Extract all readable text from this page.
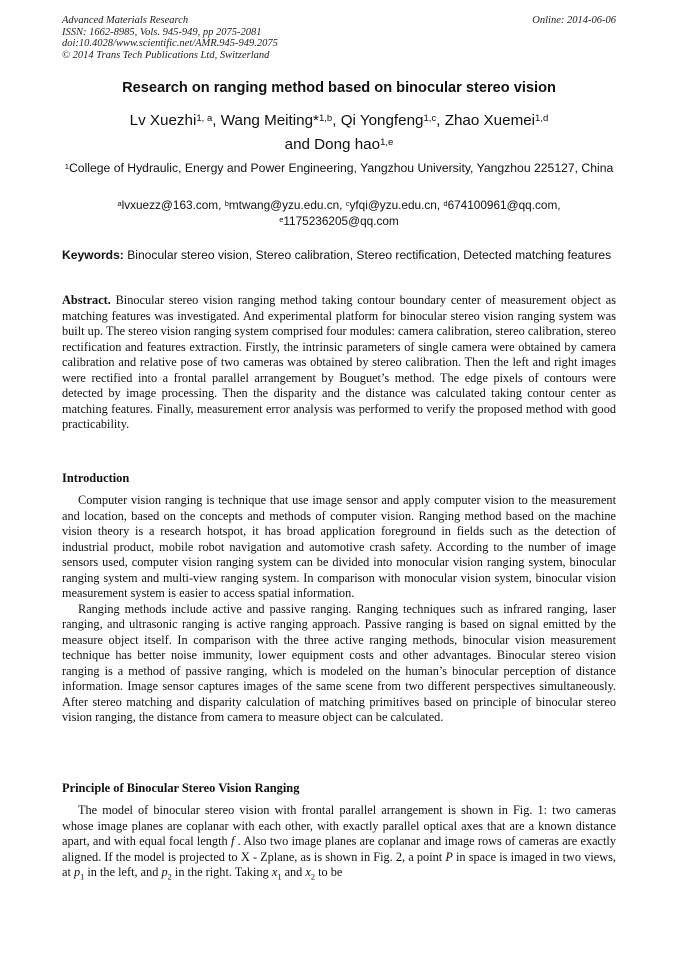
Advanced Materials Research
ISSN: 1662-8985, Vols. 945-949, pp 2075-2081
doi:10.4028/www.scientific.net/AMR.945-949.2075
© 2014 Trans Tech Publications Ltd, Switzerland
Online: 2014-06-06
Research on ranging method based on binocular stereo vision
Lv Xuezhi$^{1, a}$, Wang Meiting*$^{1,b}$, Qi Yongfeng$^{1,c}$, Zhao Xuemei$^{1,d}$
and Dong hao$^{1,e}$
$^1$College of Hydraulic, Energy and Power Engineering, Yangzhou University, Yangzhou 225127, China
$^a$lvxuezz@163.com, $^b$mtwang@yzu.edu.cn, $^c$yfqi@yzu.edu.cn, $^d$674100961@qq.com,
$^e$1175236205@qq.com
Keywords: Binocular stereo vision, Stereo calibration, Stereo rectification, Detected matching features
Abstract. Binocular stereo vision ranging method taking contour boundary center of measurement object as matching features was investigated. And experimental platform for binocular stereo vision ranging system was built up. The stereo vision ranging system comprised four modules: camera calibration, stereo calibration, stereo rectification and features extraction. Firstly, the intrinsic parameters of single camera were obtained by camera calibration and relative pose of two cameras was obtained by stereo calibration. Then the left and right images were rectified into a frontal parallel arrangement by Bouguet’s method. The edge pixels of contours were detected by image processing. Then the disparity and the distance was calculated taking contour center as matching features. Finally, measurement error analysis was performed to verify the proposed method with good practicability.
Introduction

Computer vision ranging is technique that use image sensor and apply computer vision to the measurement and location, based on the concepts and methods of computer vision. Ranging method based on the machine vision theory is a research hotspot, it has broad application foreground in fields such as the detection of industrial product, mobile robot navigation and automotive crash safety. According to the number of image sensors used, computer vision ranging system can be divided into monocular vision ranging system, binocular ranging system and multi-view ranging system. In comparison with monocular vision system, binocular vision measurement system is easier to access spatial information.

Ranging methods include active and passive ranging. Ranging techniques such as infrared ranging, laser ranging, and ultrasonic ranging is active ranging approach. Passive ranging is based on signal emitted by the measure object itself. In comparison with the three active ranging methods, binocular vision measurement technique has better noise immunity, lower equipment costs and other advantages. Binocular stereo vision ranging is a method of passive ranging, which is modeled on the human’s binocular perception of distance information. Image sensor captures images of the same scene from two different perspectives simultaneously. After stereo matching and disparity calculation of matching primitives based on principle of binocular stereo vision ranging, the distance from camera to measure object can be calculated.

Principle of Binocular Stereo Vision Ranging

The model of binocular stereo vision with frontal parallel arrangement is shown in Fig. 1: two cameras whose image planes are coplanar with each other, with exactly parallel optical axes that are a known distance apart, and with equal focal length f . Also two image planes are coplanar and image rows of cameras are exactly aligned. If the model is projected to X - Zplane, as is shown in Fig. 2, a point P in space is imaged in two views, at $p_1$ in the left, and $p_2$ in the right. Taking $x_1$ and $x_2$ to be
